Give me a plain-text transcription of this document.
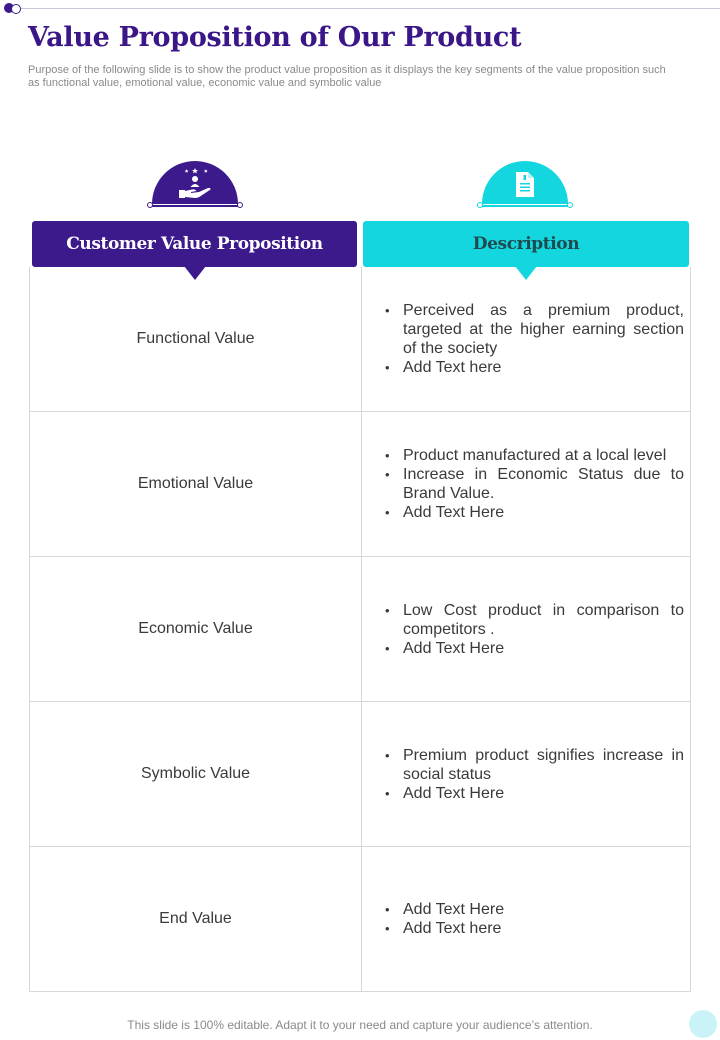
Value Proposition of Our Product

Purpose of the following slide is to show the product value proposition as it displays the key segments of the value proposition such as functional value, emotional value, economic value and symbolic value

Customer Value Proposition	Description
Functional Value
• Perceived as a premium product, targeted at the higher earning section of the society
• Add Text here
Emotional Value
• Product manufactured at a local level
• Increase in Economic Status due to Brand Value.
• Add Text Here
Economic Value
• Low Cost product in comparison to competitors .
• Add Text Here
Symbolic Value
• Premium product signifies increase in social status
• Add Text Here
End Value
• Add Text Here
• Add Text here
This slide is 100% editable. Adapt it to your need and capture your audience’s attention.
